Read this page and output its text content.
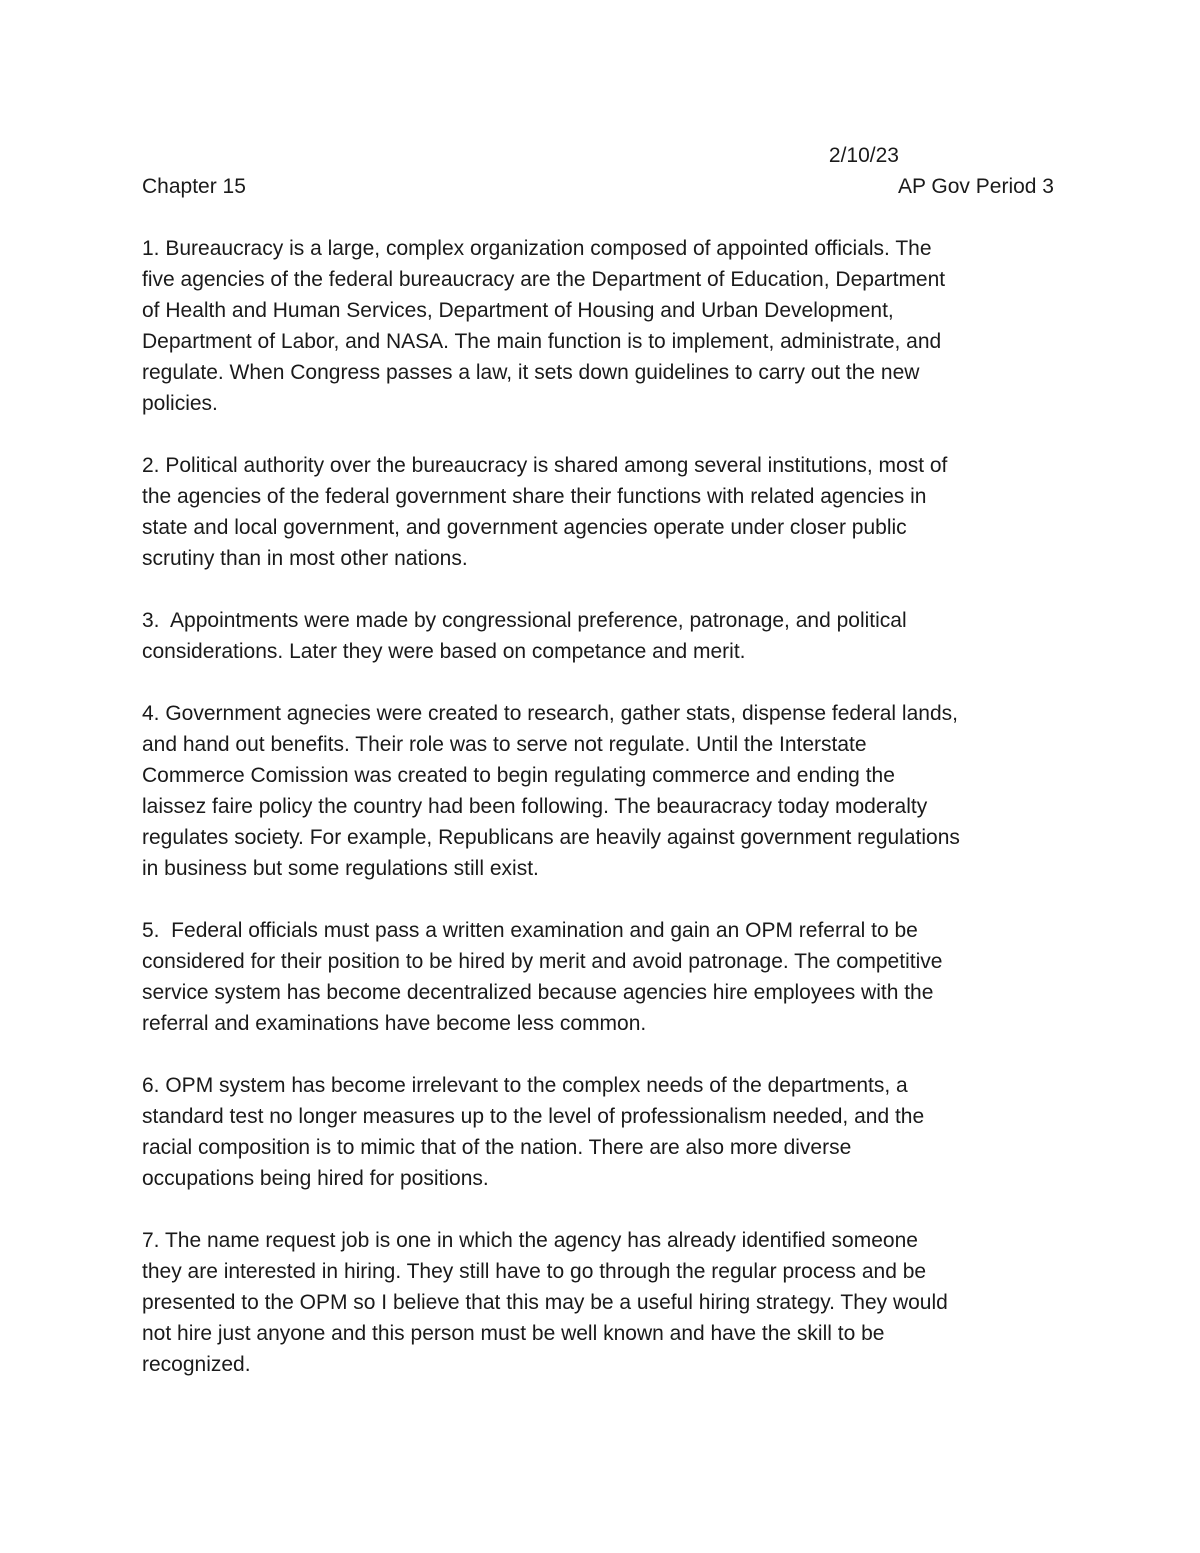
2/10/23

Chapter 15	AP Gov Period 3

1. Bureaucracy is a large, complex organization composed of appointed officials. The
five agencies of the federal bureaucracy are the Department of Education, Department
of Health and Human Services, Department of Housing and Urban Development,
Department of Labor, and NASA. The main function is to implement, administrate, and
regulate. When Congress passes a law, it sets down guidelines to carry out the new
policies.

2. Political authority over the bureaucracy is shared among several institutions, most of
the agencies of the federal government share their functions with related agencies in
state and local government, and government agencies operate under closer public
scrutiny than in most other nations.

3.  Appointments were made by congressional preference, patronage, and political
considerations. Later they were based on competance and merit.

4. Government agnecies were created to research, gather stats, dispense federal lands,
and hand out benefits. Their role was to serve not regulate. Until the Interstate
Commerce Comission was created to begin regulating commerce and ending the
laissez faire policy the country had been following. The beauracracy today moderalty
regulates society. For example, Republicans are heavily against government regulations
in business but some regulations still exist.

5.  Federal officials must pass a written examination and gain an OPM referral to be
considered for their position to be hired by merit and avoid patronage. The competitive
service system has become decentralized because agencies hire employees with the
referral and examinations have become less common.

6. OPM system has become irrelevant to the complex needs of the departments, a
standard test no longer measures up to the level of professionalism needed, and the
racial composition is to mimic that of the nation. There are also more diverse
occupations being hired for positions.

7. The name request job is one in which the agency has already identified someone
they are interested in hiring. They still have to go through the regular process and be
presented to the OPM so I believe that this may be a useful hiring strategy. They would
not hire just anyone and this person must be well known and have the skill to be
recognized.
